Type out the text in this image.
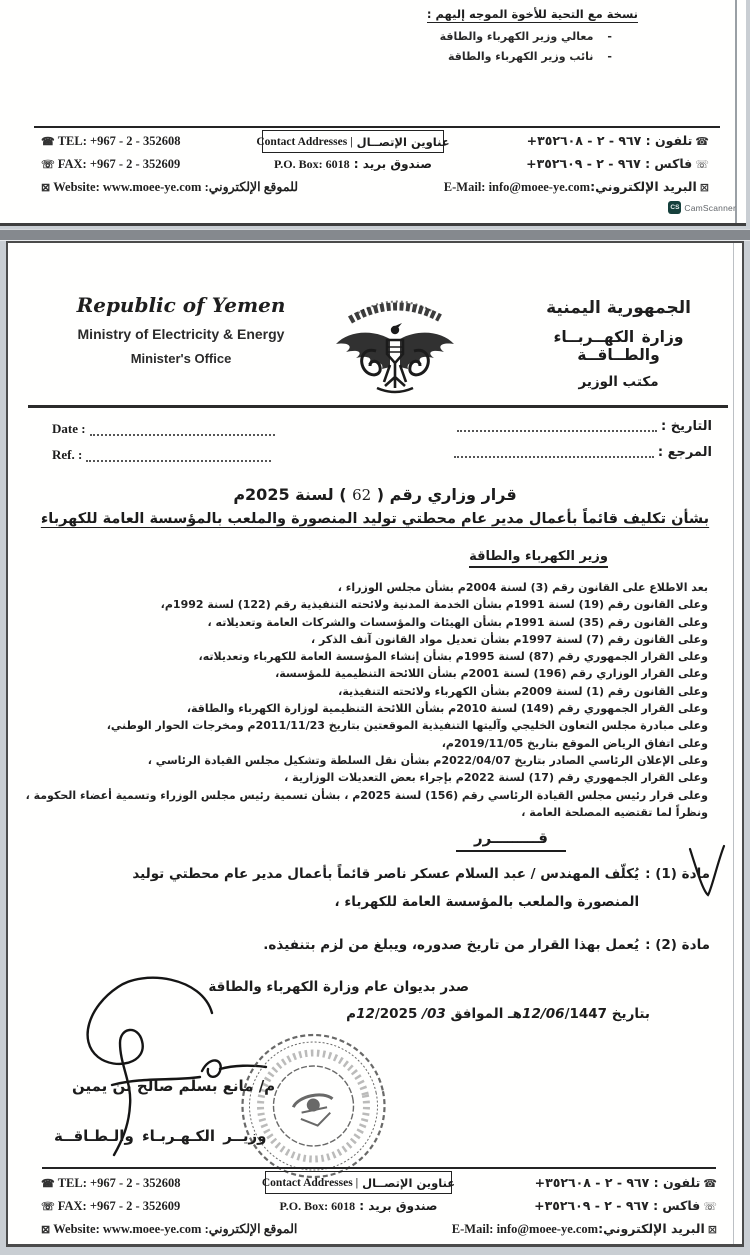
نسخة مع التحية للأخوة الموجه إليهم :
-معالي وزير الكهرباء والطاقة
-نائب وزير الكهرباء والطاقة
☎ TEL: +967 - 2 - 352608
☏ FAX: +967 - 2 - 352609
⊠ Website: www.moee-ye.com للموقع الإلكتروني:
Contact Addresses | عناوين الإتصــال
صندوق بريد : P.O. Box: 6018
☎تلفون : +٩٦٧ - ٢ - ٣٥٢٦٠٨
☏فاكس : +٩٦٧ - ٢ - ٣٥٢٦٠٩
⊠البريد الإلكتروني:E-Mail: info@moee-ye.com
CS CamScanner
Republic of Yemen
Ministry of Electricity & Energy
Minister's Office
الجمهورية اليمنية
وزارة الكهــربــاء والطــاقــة
مكتب الوزير
Date :
Ref. :
التاريخ :
المرجع :
قرار وزاري رقم ( 62 ) لسنة 2025م
بشأن تكليف قائماً بأعمال مدير عام محطتي توليد المنصورة والملعب بالمؤسسة العامة للكهرباء
وزير الكهرباء والطاقة
بعد الاطلاع على القانون رقم (3) لسنة 2004م بشأن مجلس الوزراء ،
وعلى القانون رقم (19) لسنة 1991م بشأن الخدمة المدنية ولائحته التنفيذية رقم (122) لسنة 1992م،
وعلى القانون رقم (35) لسنة 1991م بشأن الهيئات والمؤسسات والشركات العامة وتعديلاته ،
وعلى القانون رقم (7) لسنة 1997م بشأن تعديل مواد القانون آنف الذكر ،
وعلى القرار الجمهوري رقم (87) لسنة 1995م بشأن إنشاء المؤسسة العامة للكهرباء وتعديلاته،
وعلى القرار الوزاري رقم (196) لسنة 2001م بشأن اللائحة التنظيمية للمؤسسة،
وعلى القانون رقم (1) لسنة 2009م بشأن الكهرباء ولائحته التنفيذية،
وعلى القرار الجمهوري رقم (149) لسنة 2010م بشأن اللائحة التنظيمية لوزارة الكهرباء والطاقة،
وعلى مبادرة مجلس التعاون الخليجي وآليتها التنفيذية الموقعتين بتاريخ 2011/11/23م ومخرجات الحوار الوطني،
وعلى اتفاق الرياض الموقع بتاريخ 2019/11/05م،
وعلى الإعلان الرئاسي الصادر بتاريخ 2022/04/07م بشأن نقل السلطة وتشكيل مجلس القيادة الرئاسي ،
وعلى القرار الجمهوري رقم (17) لسنة 2022م بإجراء بعض التعديلات الوزارية ،
وعلى قرار رئيس مجلس القيادة الرئاسي رقم (156) لسنة 2025م ، بشأن تسمية رئيس مجلس الوزراء وتسمية أعضاء الحكومة ،
ونظراً لما تقتضيه المصلحة العامة ،
قـــــــــرر
مادة (1) :
يُكلّف المهندس / عبد السلام عسكر ناصر قائماً بأعمال مدير عام محطتي توليد المنصورة والملعب بالمؤسسة العامة للكهرباء ،
مادة (2) :
يُعمل بهذا القرار من تاريخ صدوره، ويبلغ من لزم بتنفيذه.
صدر بديوان عام وزارة الكهرباء والطاقة
بتاريخ 12/06/1447هـ الموافق 03/ 12/2025م
م/ مانع بسلم صالح بن يمين
وزيــر الكـهـربـاء والـطـاقــة
☎ TEL: +967 - 2 - 352608
☏ FAX: +967 - 2 - 352609
⊠ Website: www.moee-ye.com الموقع الإلكتروني:
Contact Addresses | عناوين الإتصــال
صندوق بريد : P.O. Box: 6018
☎تلفون : +٩٦٧ - ٢ - ٣٥٢٦٠٨
☏فاكس : +٩٦٧ - ٢ - ٣٥٢٦٠٩
⊠البريد الإلكتروني:E-Mail: info@moee-ye.com
